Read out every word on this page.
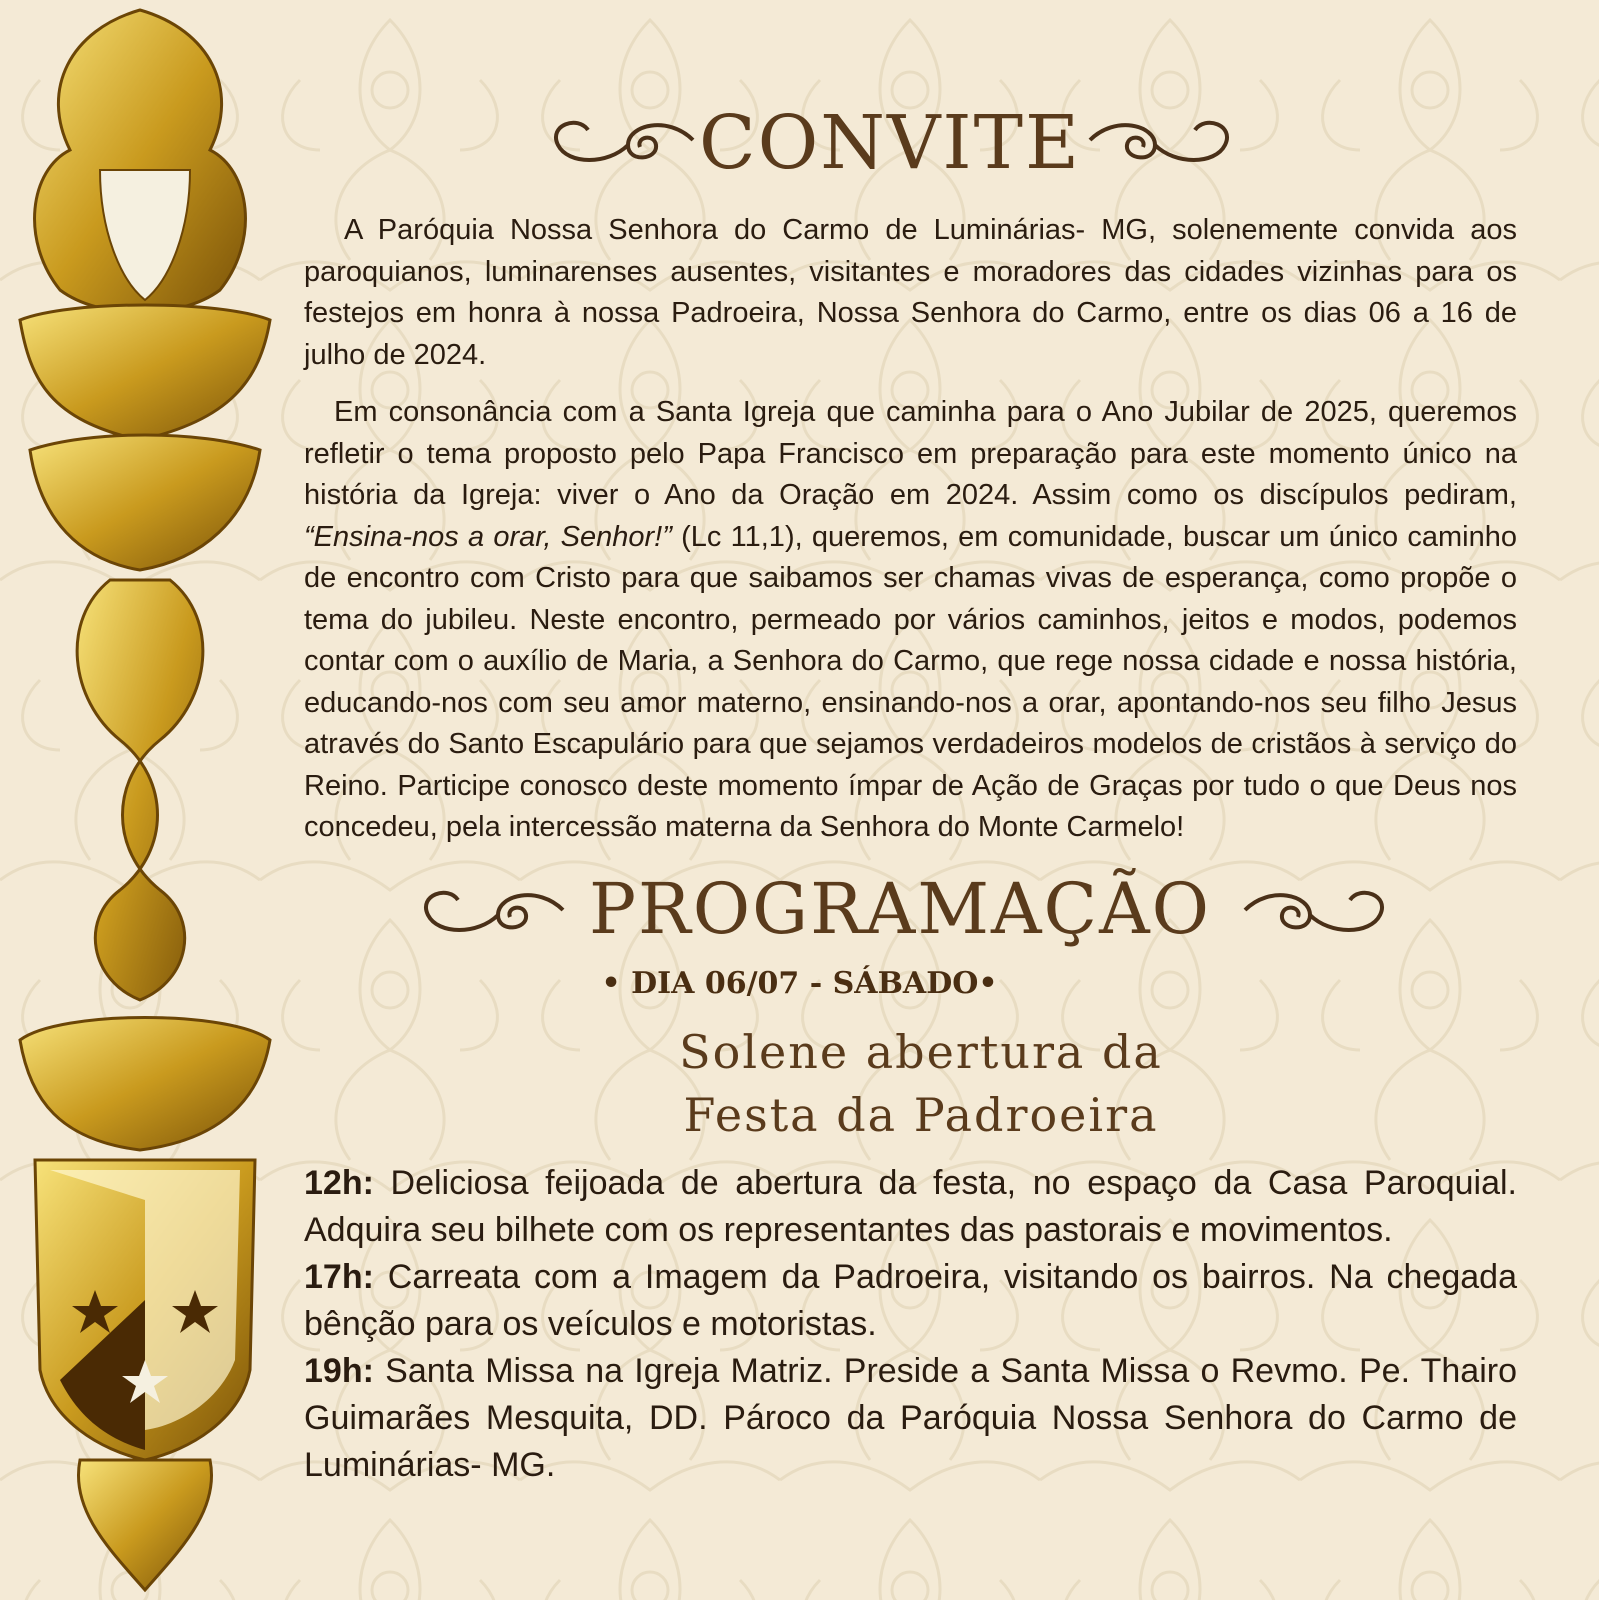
CONVITE

A Paróquia Nossa Senhora do Carmo de Luminárias- MG, solenemente convida aos paroquianos, luminarenses ausentes, visitantes e moradores das cidades vizinhas para os festejos em honra à nossa Padroeira, Nossa Senhora do Carmo, entre os dias 06 a 16 de julho de 2024.

Em consonância com a Santa Igreja que caminha para o Ano Jubilar de 2025, queremos refletir o tema proposto pelo Papa Francisco em preparação para este momento único na história da Igreja: viver o Ano da Oração em 2024. Assim como os discípulos pediram, “Ensina-nos a orar, Senhor!” (Lc 11,1), queremos, em comunidade, buscar um único caminho de encontro com Cristo para que saibamos ser chamas vivas de esperança, como propõe o tema do jubileu. Neste encontro, permeado por vários caminhos, jeitos e modos, podemos contar com o auxílio de Maria, a Senhora do Carmo, que rege nossa cidade e nossa história, educando-nos com seu amor materno, ensinando-nos a orar, apontando-nos seu filho Jesus através do Santo Escapulário para que sejamos verdadeiros modelos de cristãos à serviço do Reino. Participe conosco deste momento ímpar de Ação de Graças por tudo o que Deus nos concedeu, pela intercessão materna da Senhora do Monte Carmelo!

PROGRAMAÇÃO
• DIA 06/07 - SÁBADO•
Solene abertura da
Festa da Padroeira

12h: Deliciosa feijoada de abertura da festa, no espaço da Casa Paroquial. Adquira seu bilhete com os representantes das pastorais e movimentos.

17h: Carreata com a Imagem da Padroeira, visitando os bairros. Na chegada bênção para os veículos e motoristas.

19h: Santa Missa na Igreja Matriz. Preside a Santa Missa o Revmo. Pe. Thairo Guimarães Mesquita, DD. Pároco da Paróquia Nossa Senhora do Carmo de Luminárias- MG.
